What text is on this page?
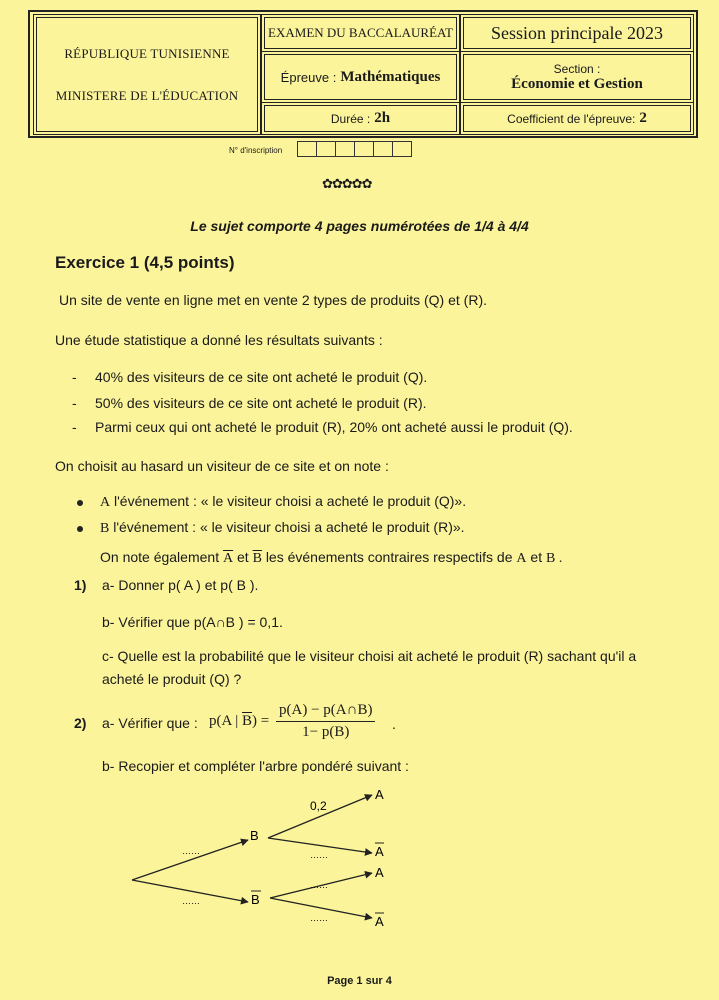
RÉPUBLIQUE TUNISIENNE
MINISTERE DE L'ÉDUCATION
EXAMEN DU BACCALAURÉAT Session principale 2023
Épreuve : Mathématiques	Section :
Économie et Gestion
Durée : 2h	Coefficient de l'épreuve: 2
N° d'inscription
✿✿✿✿✿
Le sujet comporte 4 pages numérotées de 1/4 à 4/4
Exercice 1 (4,5 points)
Un site de vente en ligne met en vente 2 types de produits (Q) et (R).
Une étude statistique a donné les résultats suivants :
- 40% des visiteurs de ce site ont acheté le produit (Q).
- 50% des visiteurs de ce site ont acheté le produit (R).
- Parmi ceux qui ont acheté le produit (R), 20% ont acheté aussi le produit (Q).
On choisit au hasard un visiteur de ce site et on note :
A l'événement : « le visiteur choisi a acheté le produit (Q)».
B l'événement : « le visiteur choisi a acheté le produit (R)».
On note également $\overline{A}$ et $\overline{B}$ les événements contraires respectifs de A et B .
1) a- Donner p( A ) et p( B ).
b- Vérifier que p(A∩B ) = 0,1.
c- Quelle est la probabilité que le visiteur choisi ait acheté le produit (R) sachant qu'il a
acheté le produit (Q) ?
2) a- Vérifier que : p(A | $\overline{B}) = \frac{p(A) - p(A\cap B)}{1- p(B)}$ .
b- Recopier et compléter l'arbre pondéré suivant :
0,2
……
……
……
……
……
B
B
A
A
A
A
Page 1 sur 4
